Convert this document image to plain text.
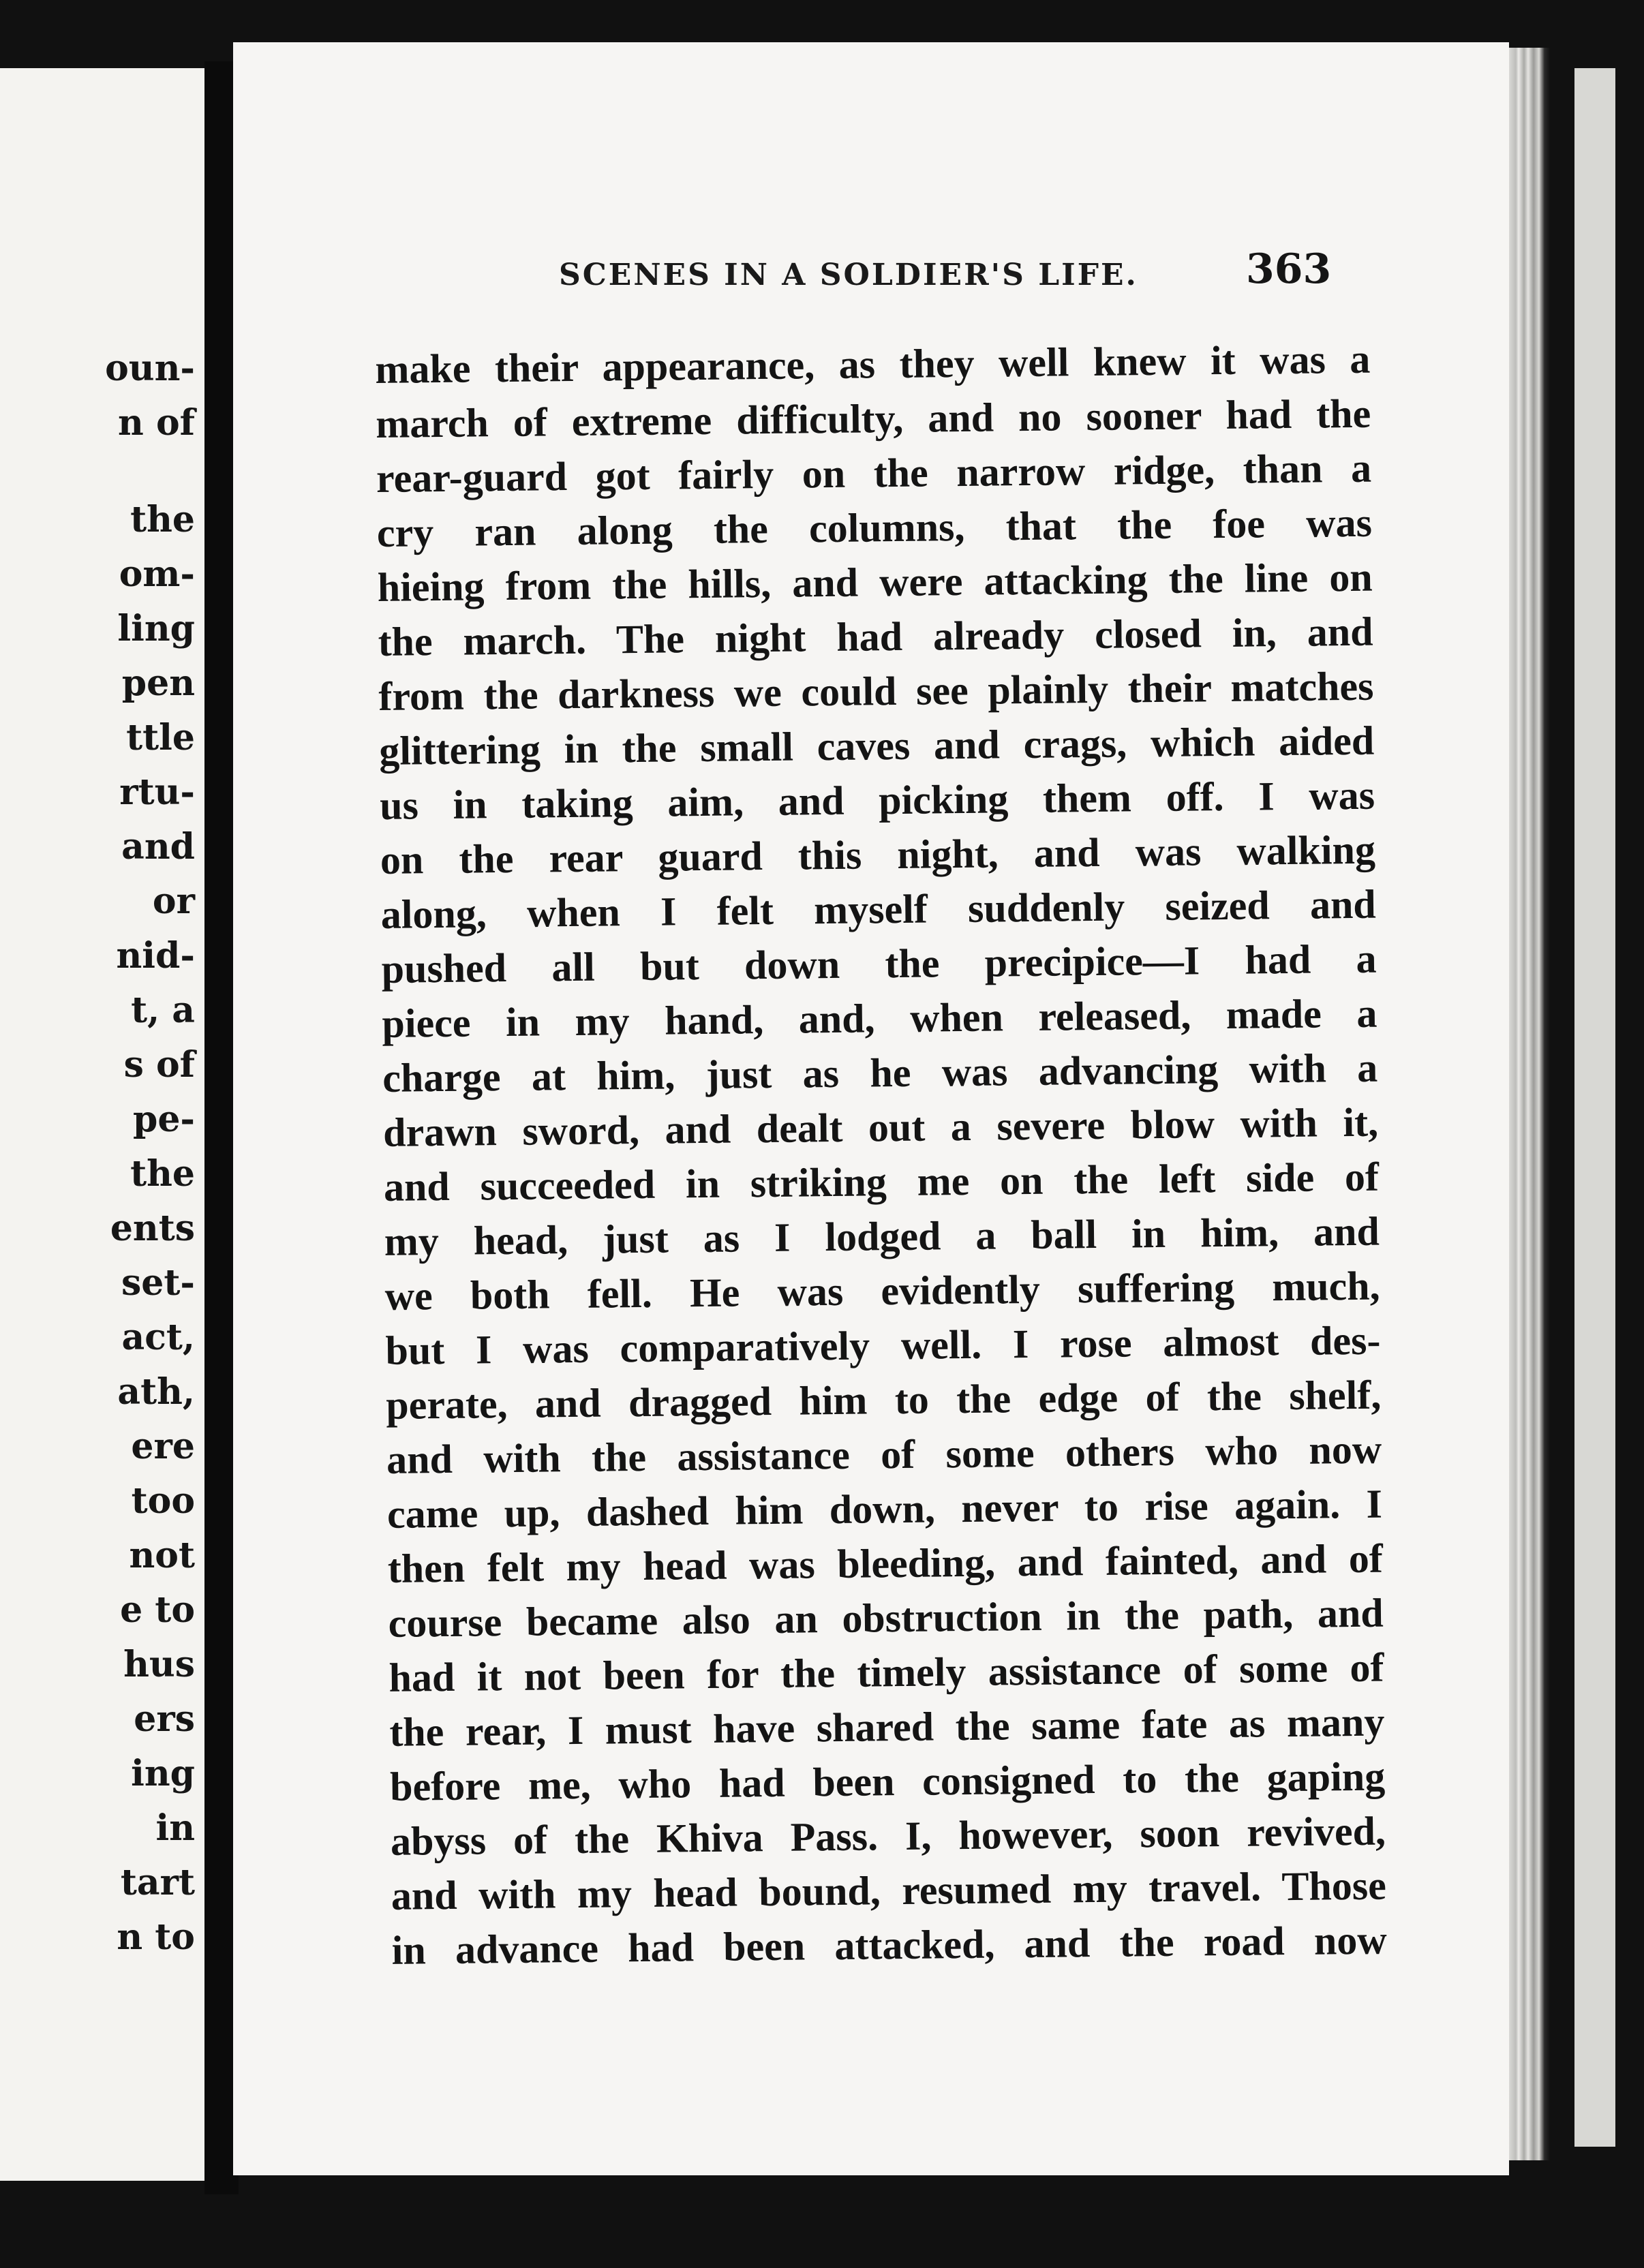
oun-
n of
the
om-
ling
pen
ttle
rtu-
and
or
nid-
t, a
s of
pe-
the
ents
set-
act,
ath,
ere
too
not
e to
hus
ers
ing
in
tart
n to
SCENES IN A SOLDIER'S LIFE.	363
make their appearance, as they well knew it was a
march of extreme difficulty, and no sooner had the
rear-guard got fairly on the narrow ridge, than a
cry ran along the columns, that the foe was
hieing from the hills, and were attacking the line on
the march. The night had already closed in, and
from the darkness we could see plainly their matches
glittering in the small caves and crags, which aided
us in taking aim, and picking them off. I was
on the rear guard this night, and was walking
along, when I felt myself suddenly seized and
pushed all but down the precipice—I had a
piece in my hand, and, when released, made a
charge at him, just as he was advancing with a
drawn sword, and dealt out a severe blow with it,
and succeeded in striking me on the left side of
my head, just as I lodged a ball in him, and
we both fell. He was evidently suffering much,
but I was comparatively well. I rose almost des-
perate, and dragged him to the edge of the shelf,
and with the assistance of some others who now
came up, dashed him down, never to rise again. I
then felt my head was bleeding, and fainted, and of
course became also an obstruction in the path, and
had it not been for the timely assistance of some of
the rear, I must have shared the same fate as many
before me, who had been consigned to the gaping
abyss of the Khiva Pass. I, however, soon revived,
and with my head bound, resumed my travel. Those
in advance had been attacked, and the road now
